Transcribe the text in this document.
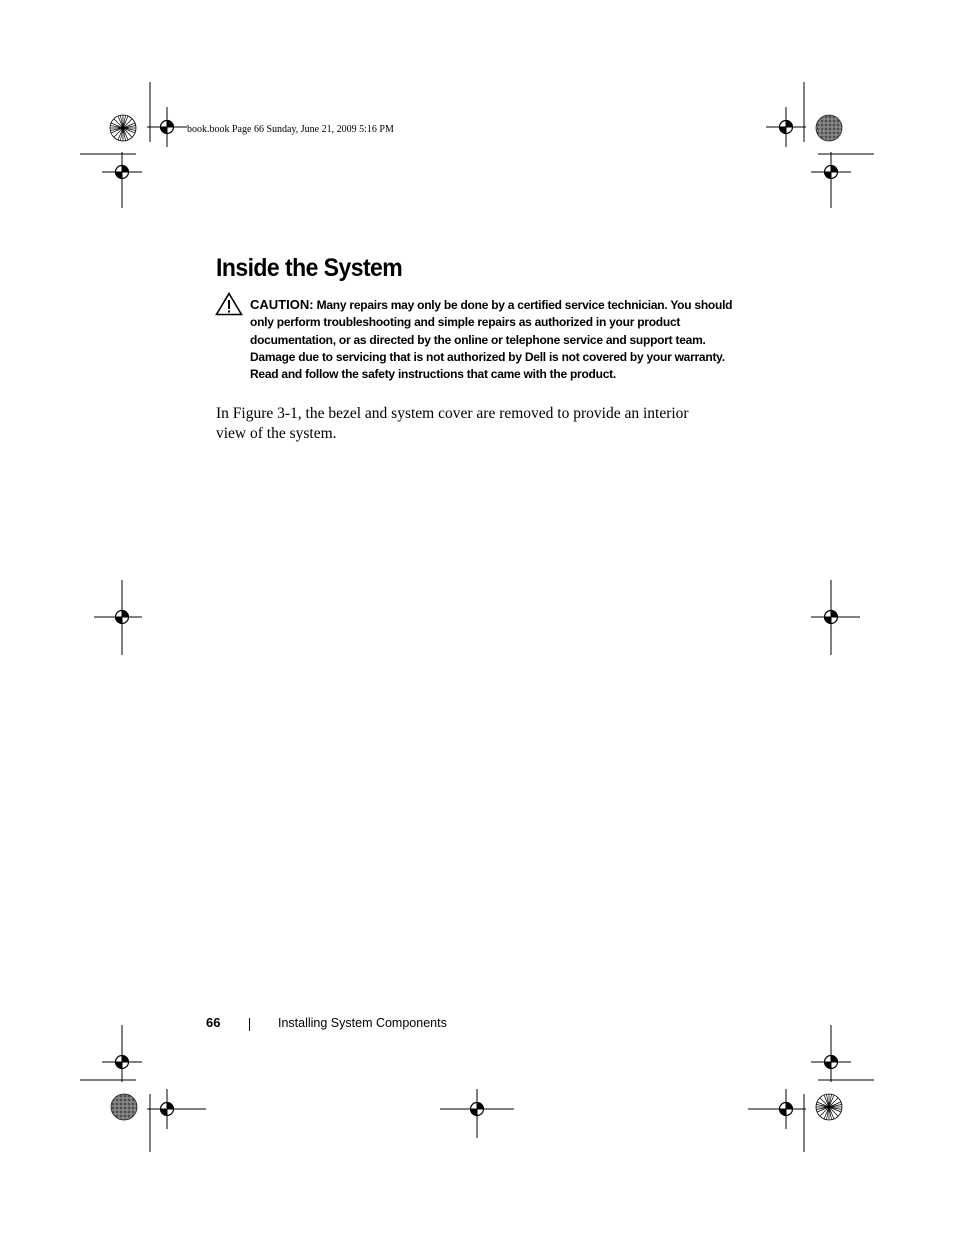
book.book Page 66 Sunday, June 21, 2009 5:16 PM
Inside the System
CAUTION: Many repairs may only be done by a certified service technician. You should only perform troubleshooting and simple repairs as authorized in your product documentation, or as directed by the online or telephone service and support team. Damage due to servicing that is not authorized by Dell is not covered by your warranty. Read and follow the safety instructions that came with the product.

In Figure 3-1, the bezel and system cover are removed to provide an interior view of the system.

66	Installing System Components
